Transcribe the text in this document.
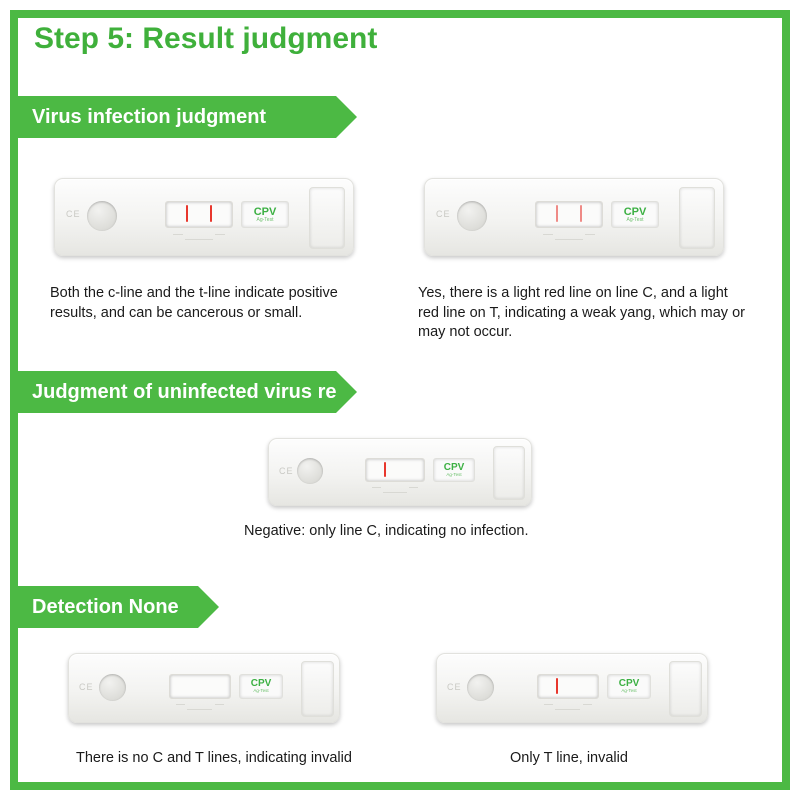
Step 5: Result judgment
Virus infection judgment
CE	CPV
Ag-Test
Both the c-line and the t-line indicate positive results, and can be cancerous or small.
CE	CPV
Ag-Test
Yes, there is a light red line on line C, and a light red line on T, indicating a weak yang, which may or may not occur.
Judgment of uninfected virus results
CE	CPV
Ag-Test
Negative: only line C, indicating no infection.
Detection None
CE	CPV
Ag-Test
There is no C and T lines, indicating invalid
CE	CPV
Ag-Test
Only T line, invalid
